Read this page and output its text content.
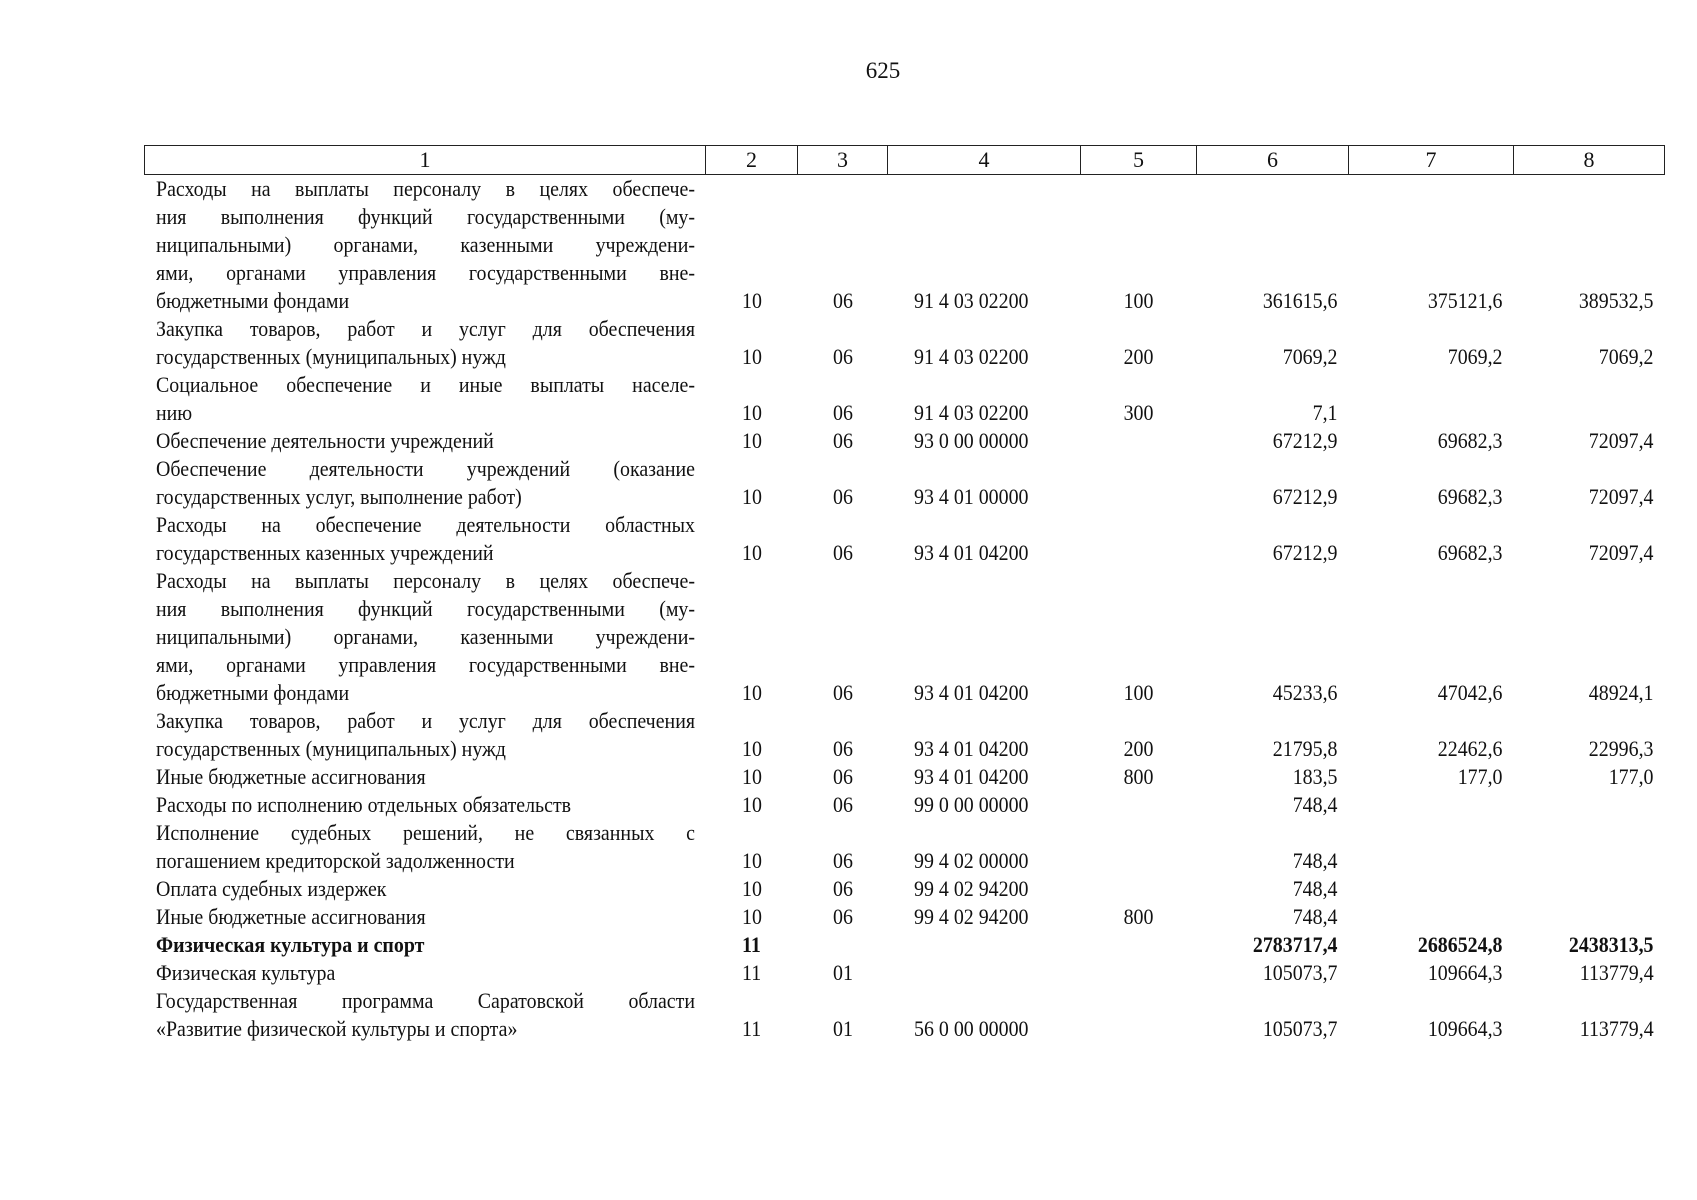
625
1	2	3	4	5	6	7	8

Расходы на выплаты персоналу в целях обеспече-
ния выполнения функций государственными (му-
ниципальными) органами, казенными учреждени-
ями, органами управления государственными вне-
бюджетными фондами	10	06	91 4 03 02200	100	361615,6	375121,6	389532,5

Закупка товаров, работ и услуг для обеспечения
государственных (муниципальных) нужд	10	06	91 4 03 02200	200	7069,2	7069,2	7069,2

Социальное обеспечение и иные выплаты населе-
нию	10	06	91 4 03 02200	300	7,1		

Обеспечение деятельности учреждений	10	06	93 0 00 00000		67212,9	69682,3	72097,4

Обеспечение деятельности учреждений (оказание
государственных услуг, выполнение работ)	10	06	93 4 01 00000		67212,9	69682,3	72097,4

Расходы на обеспечение деятельности областных
государственных казенных учреждений	10	06	93 4 01 04200		67212,9	69682,3	72097,4

Расходы на выплаты персоналу в целях обеспече-
ния выполнения функций государственными (му-
ниципальными) органами, казенными учреждени-
ями, органами управления государственными вне-
бюджетными фондами	10	06	93 4 01 04200	100	45233,6	47042,6	48924,1

Закупка товаров, работ и услуг для обеспечения
государственных (муниципальных) нужд	10	06	93 4 01 04200	200	21795,8	22462,6	22996,3

Иные бюджетные ассигнования	10	06	93 4 01 04200	800	183,5	177,0	177,0

Расходы по исполнению отдельных обязательств	10	06	99 0 00 00000		748,4		

Исполнение судебных решений, не связанных с
погашением кредиторской задолженности	10	06	99 4 02 00000		748,4		

Оплата судебных издержек	10	06	99 4 02 94200		748,4		

Иные бюджетные ассигнования	10	06	99 4 02 94200	800	748,4		

Физическая культура и спорт	11				2783717,4	2686524,8	2438313,5

Физическая культура	11	01			105073,7	109664,3	113779,4

Государственная программа Саратовской области
«Развитие физической культуры и спорта»	11	01	56 0 00 00000		105073,7	109664,3	113779,4
